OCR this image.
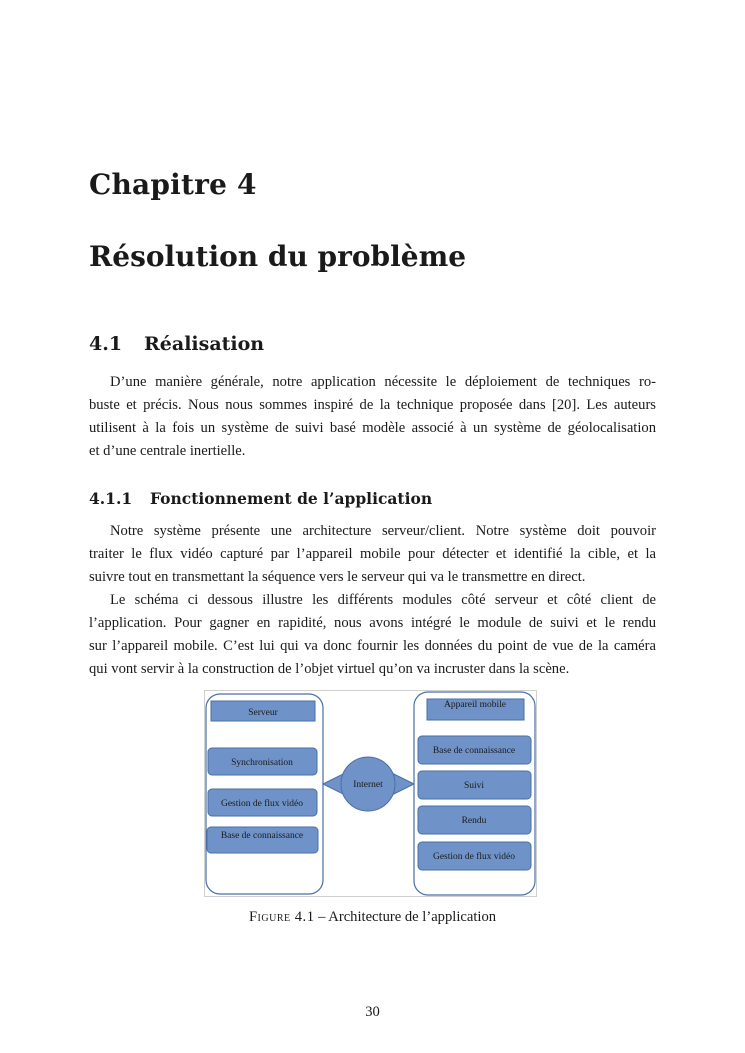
Chapitre 4
Résolution du problème
4.1 Réalisation

D’une manière générale, notre application nécessite le déploiement de techniques ro-
buste et précis. Nous nous sommes inspiré de la technique proposée dans [20]. Les auteurs
utilisent à la fois un système de suivi basé modèle associé à un système de géolocalisation
et d’une centrale inertielle.

4.1.1 Fonctionnement de l’application

Notre système présente une architecture serveur/client. Notre système doit pouvoir
traiter le flux vidéo capturé par l’appareil mobile pour détecter et identifié la cible, et la
suivre tout en transmettant la séquence vers le serveur qui va le transmettre en direct.

Le schéma ci dessous illustre les différents modules côté serveur et côté client de
l’application. Pour gagner en rapidité, nous avons intégré le module de suivi et le rendu
sur l’appareil mobile. C’est lui qui va donc fournir les données du point de vue de la caméra
qui vont servir à la construction de l’objet virtuel qu’on va incruster dans la scène.

Serveur
Synchronisation
Gestion de flux vidéo
Base de connaissance
Internet
Appareil mobile
Base de connaissance
Suivi
Rendu
Gestion de flux vidéo
Figure 4.1 – Architecture de l’application
30
